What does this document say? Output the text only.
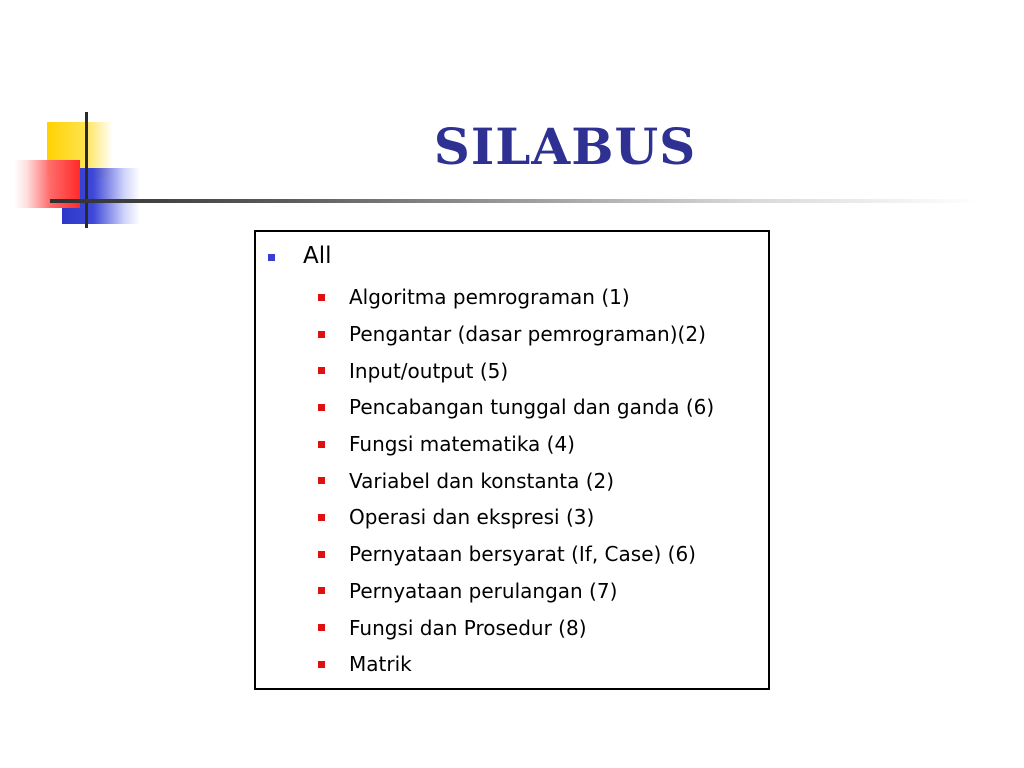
SILABUS
All
Algoritma pemrograman (1)
Pengantar (dasar pemrograman)(2)
Input/output (5)
Pencabangan tunggal dan ganda (6)
Fungsi matematika (4)
Variabel dan konstanta (2)
Operasi dan ekspresi (3)
Pernyataan bersyarat (If, Case) (6)
Pernyataan perulangan (7)
Fungsi dan Prosedur (8)
Matrik
